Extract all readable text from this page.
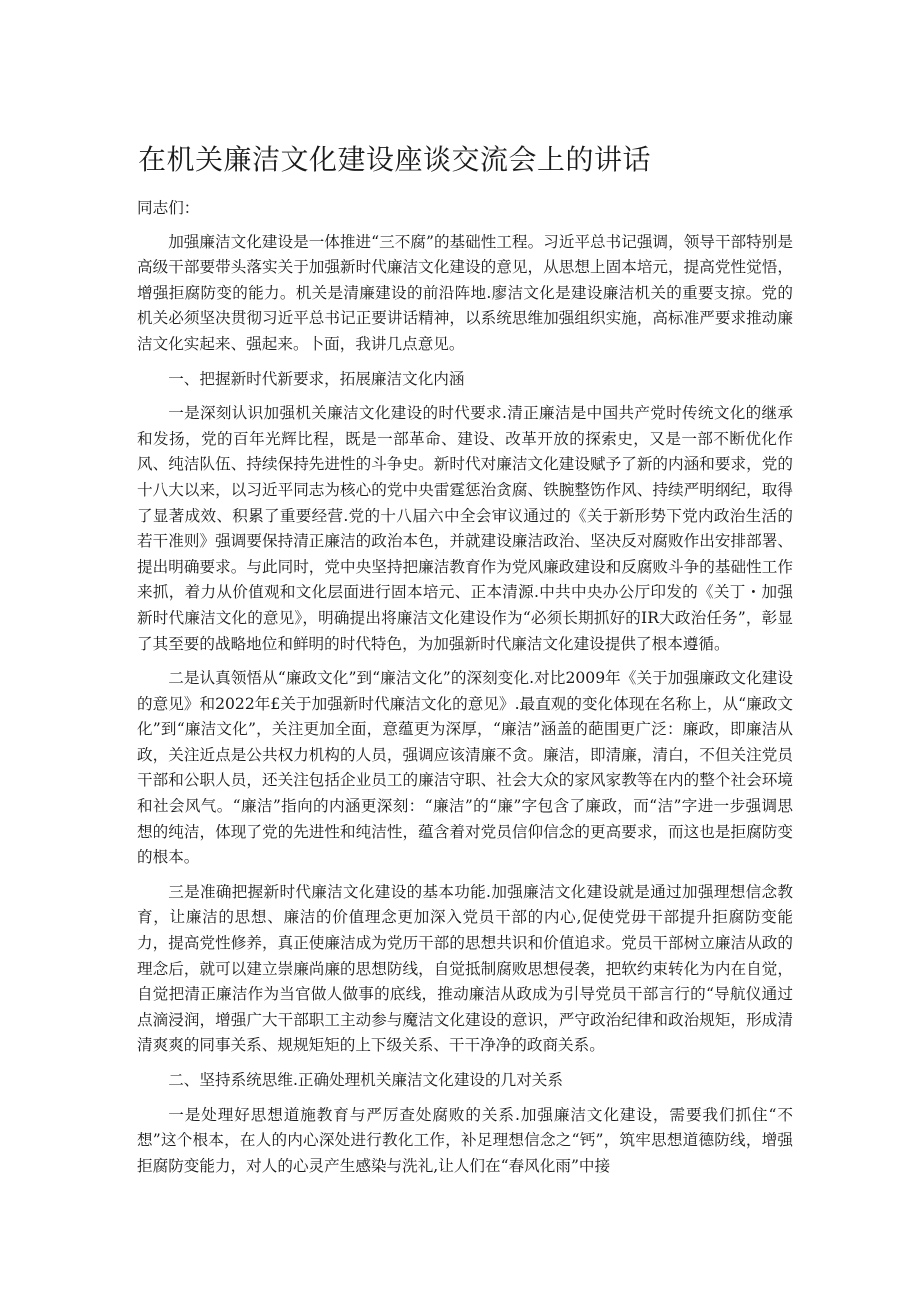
在机关廉洁文化建设座谈交流会上的讲话

同志们：

加强廉洁文化建设是一体推进“三不腐”的基础性工程。习近平总书记强调，领导干部特别是高级干部要带头落实关于加强新时代廉洁文化建设的意见，从思想上固本培元，提高党性觉悟，增强拒腐防变的能力。机关是清廉建设的前沿阵地.廖洁文化是建设廉洁机关的重要支掠。党的机关必须坚决贯彻习近平总书记正要讲话精神，以系统思维加强组织实施，高标准严要求推动廉洁文化实起来、强起来。卜面，我讲几点意见。

一、把握新时代新要求，拓展廉洁文化内涵

一是深刻认识加强机关廉洁文化建设的时代要求.清正廉洁是中国共产党时传统文化的继承和发扬，党的百年光辉比程，既是一部革命、建设、改革开放的探索史，又是一部不断优化作风、纯洁队伍、持续保持先进性的斗争史。新时代对廉洁文化建设赋予了新的内涵和要求，党的十八大以来，以习近平同志为核心的党中央雷霆惩治贪腐、铁腕整饬作风、持续严明纲纪，取得了显著成效、积累了重要经营.党的十八届六中全会审议通过的《关于新形势下党内政治生活的若干准则》强调要保持清正廉洁的政治本色，并就建设廉洁政治、坚决反对腐败作出安排部署、提出明确要求。与此同时，党中央坚持把廉洁教育作为党风廉政建设和反腐败斗争的基础性工作来抓，着力从价值观和文化层面进行固本培元、正本清源.中共中央办公厅印发的《关丁・加强新时代廉洁文化的意见》，明确提出将廉洁文化建设作为“必须长期抓好的IR大政治任务”，彰显了其至要的战略地位和鲜明的时代特色，为加强新时代廉洁文化建设提供了根本遵循。

二是认真领悟从“廉政文化”到“廉洁文化”的深刻变化.对比2009年《关于加强廉政文化建设的意见》和2022年£关于加强新时代廉洁文化的意见》.最直观的变化体现在名称上，从“廉政文化”到“廉洁文化”，关注更加全面，意蕴更为深厚，“廉洁”涵盖的葩围更广泛：廉政，即廉洁从政，关注近点是公共权力机构的人员，强调应该清廉不贪。廉洁，即清廉，清白，不但关注党员干部和公职人员，还关注包括企业员工的廉洁守职、社会大众的家风家教等在内的整个社会环境和社会风气。“廉洁”指向的内涵更深刻：“廉洁”的“廉”字包含了廉政，而“洁”字进一步强调思想的纯洁，体现了党的先进性和纯洁性，蕴含着对党员信仰信念的更高要求，而这也是拒腐防变的根本。

三是准确把握新时代廉洁文化建设的基本功能.加强廉洁文化建设就是通过加强理想信念教育，让廉洁的思想、廉洁的价值理念更加深入党员干部的内心,促使党毋干部提升拒腐防变能力，提高党性修养，真正使廉洁成为党历干部的思想共识和价值追求。党员干部树立廉洁从政的理念后，就可以建立崇廉尚廉的思想防线，自觉抵制腐败思想侵袭，把软约束转化为内在自觉，自觉把清正廉洁作为当官做人做事的底线，推动廉洁从政成为引导党员干部言行的“导航仪通过点滴浸润，增强广大干部职工主动参与魔洁文化建设的意识，严守政治纪律和政治规矩，形成清清爽爽的同事关系、规规矩矩的上下级关系、干干净净的政商关系。

二、坚持系统思维.正确处理机关廉洁文化建设的几对关系

一是处理好思想道施教育与严厉查处腐败的关系.加强廉洁文化建设，需要我们抓住“不想”这个根本，在人的内心深处进行教化工作，补足理想信念之“钙”，筑牢思想道德防线，增强拒腐防变能力，对人的心灵产生感染与洗礼,让人们在“春风化雨”中接
